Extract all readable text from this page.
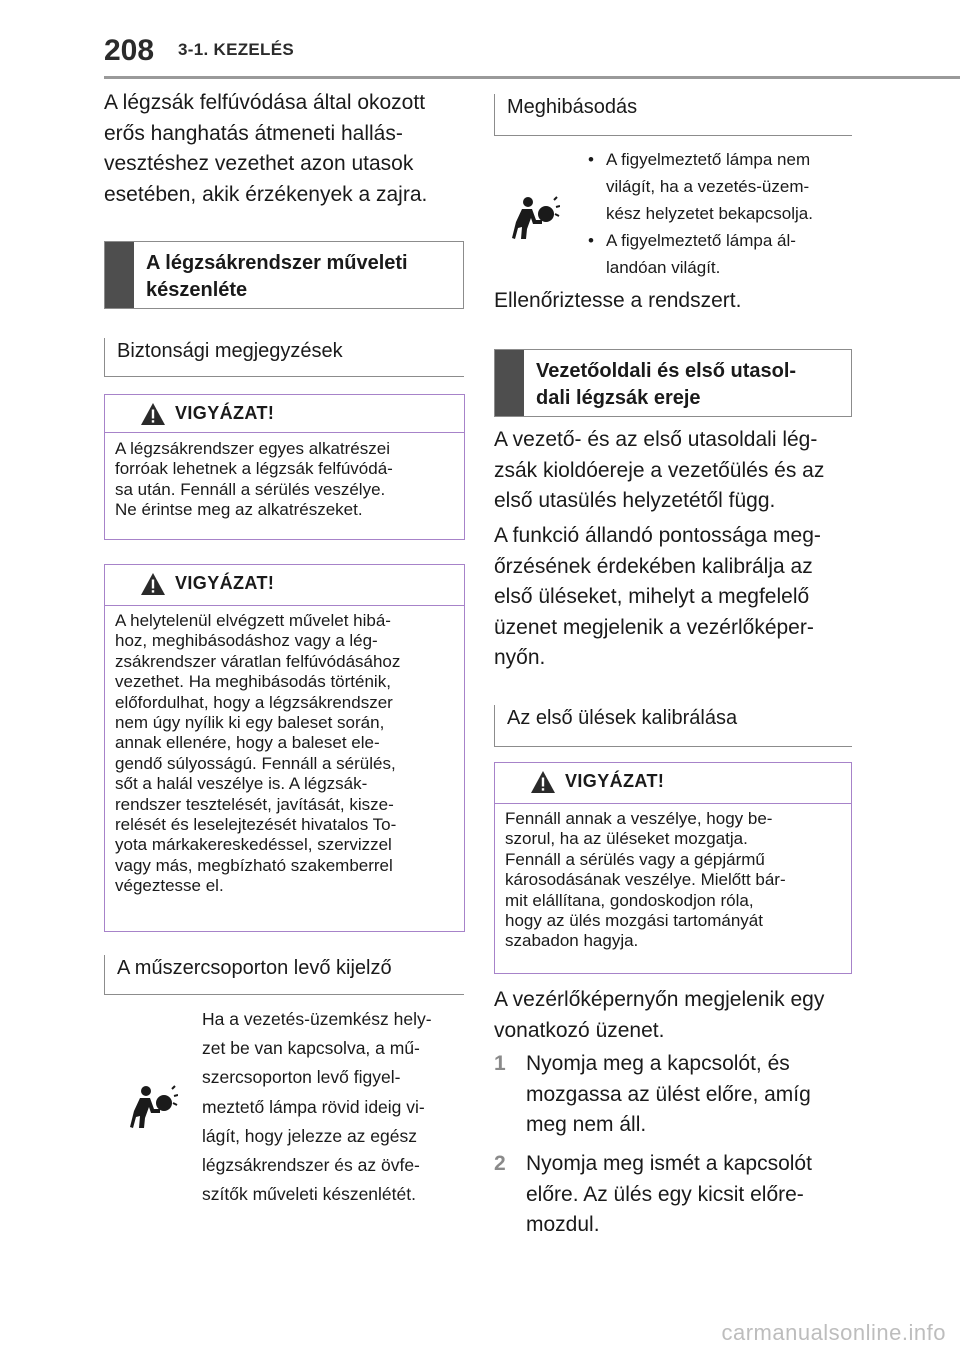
208 3-1. KEZELÉS

A légzsák felfúvódása által okozott
erős hanghatás átmeneti hallás-
vesztéshez vezethet azon utasok
esetében, akik érzékenyek a zajra.

A légzsákrendszer műveleti
készenléte
Biztonsági megjegyzések
VIGYÁZAT!
A légzsákrendszer egyes alkatrészei
forróak lehetnek a légzsák felfúvódá-
sa után. Fennáll a sérülés veszélye.
Ne érintse meg az alkatrészeket.
VIGYÁZAT!
A helytelenül elvégzett művelet hibá-
hoz, meghibásodáshoz vagy a lég-
zsákrendszer váratlan felfúvódásához
vezethet. Ha meghibásodás történik,
előfordulhat, hogy a légzsákrendszer
nem úgy nyílik ki egy baleset során,
annak ellenére, hogy a baleset ele-
gendő súlyosságú. Fennáll a sérülés,
sőt a halál veszélye is. A légzsák-
rendszer tesztelését, javítását, kisze-
relését és leselejtezését hivatalos To-
yota márkakereskedéssel, szervizzel
vagy más, megbízható szakemberrel
végeztesse el.
A műszercsoporton levő kijelző

Ha a vezetés-üzemkész hely-
zet be van kapcsolva, a mű-
szercsoporton levő figyel-
meztető lámpa rövid ideig vi-
lágít, hogy jelezze az egész
légzsákrendszer és az övfe-
szítők műveleti készenlétét.

Meghibásodás
• A figyelmeztető lámpa nem
világít, ha a vezetés-üzem-
kész helyzetet bekapcsolja.
• A figyelmeztető lámpa ál-
landóan világít.

Ellenőriztesse a rendszert.

Vezetőoldali és első utasol-
dali légzsák ereje

A vezető- és az első utasoldali lég-
zsák kioldóereje a vezetőülés és az
első utasülés helyzetétől függ.

A funkció állandó pontossága meg-
őrzésének érdekében kalibrálja az
első üléseket, mihelyt a megfelelő
üzenet megjelenik a vezérlőképer-
nyőn.

Az első ülések kalibrálása
VIGYÁZAT!
Fennáll annak a veszélye, hogy be-
szorul, ha az üléseket mozgatja.
Fennáll a sérülés vagy a gépjármű
károsodásának veszélye. Mielőtt bár-
mit elállítana, gondoskodjon róla,
hogy az ülés mozgási tartományát
szabadon hagyja.

A vezérlőképernyőn megjelenik egy
vonatkozó üzenet.

1 Nyomja meg a kapcsolót, és
mozgassa az ülést előre, amíg
meg nem áll.
2 Nyomja meg ismét a kapcsolót
előre. Az ülés egy kicsit előre-
mozdul.
carmanualsonline.info
